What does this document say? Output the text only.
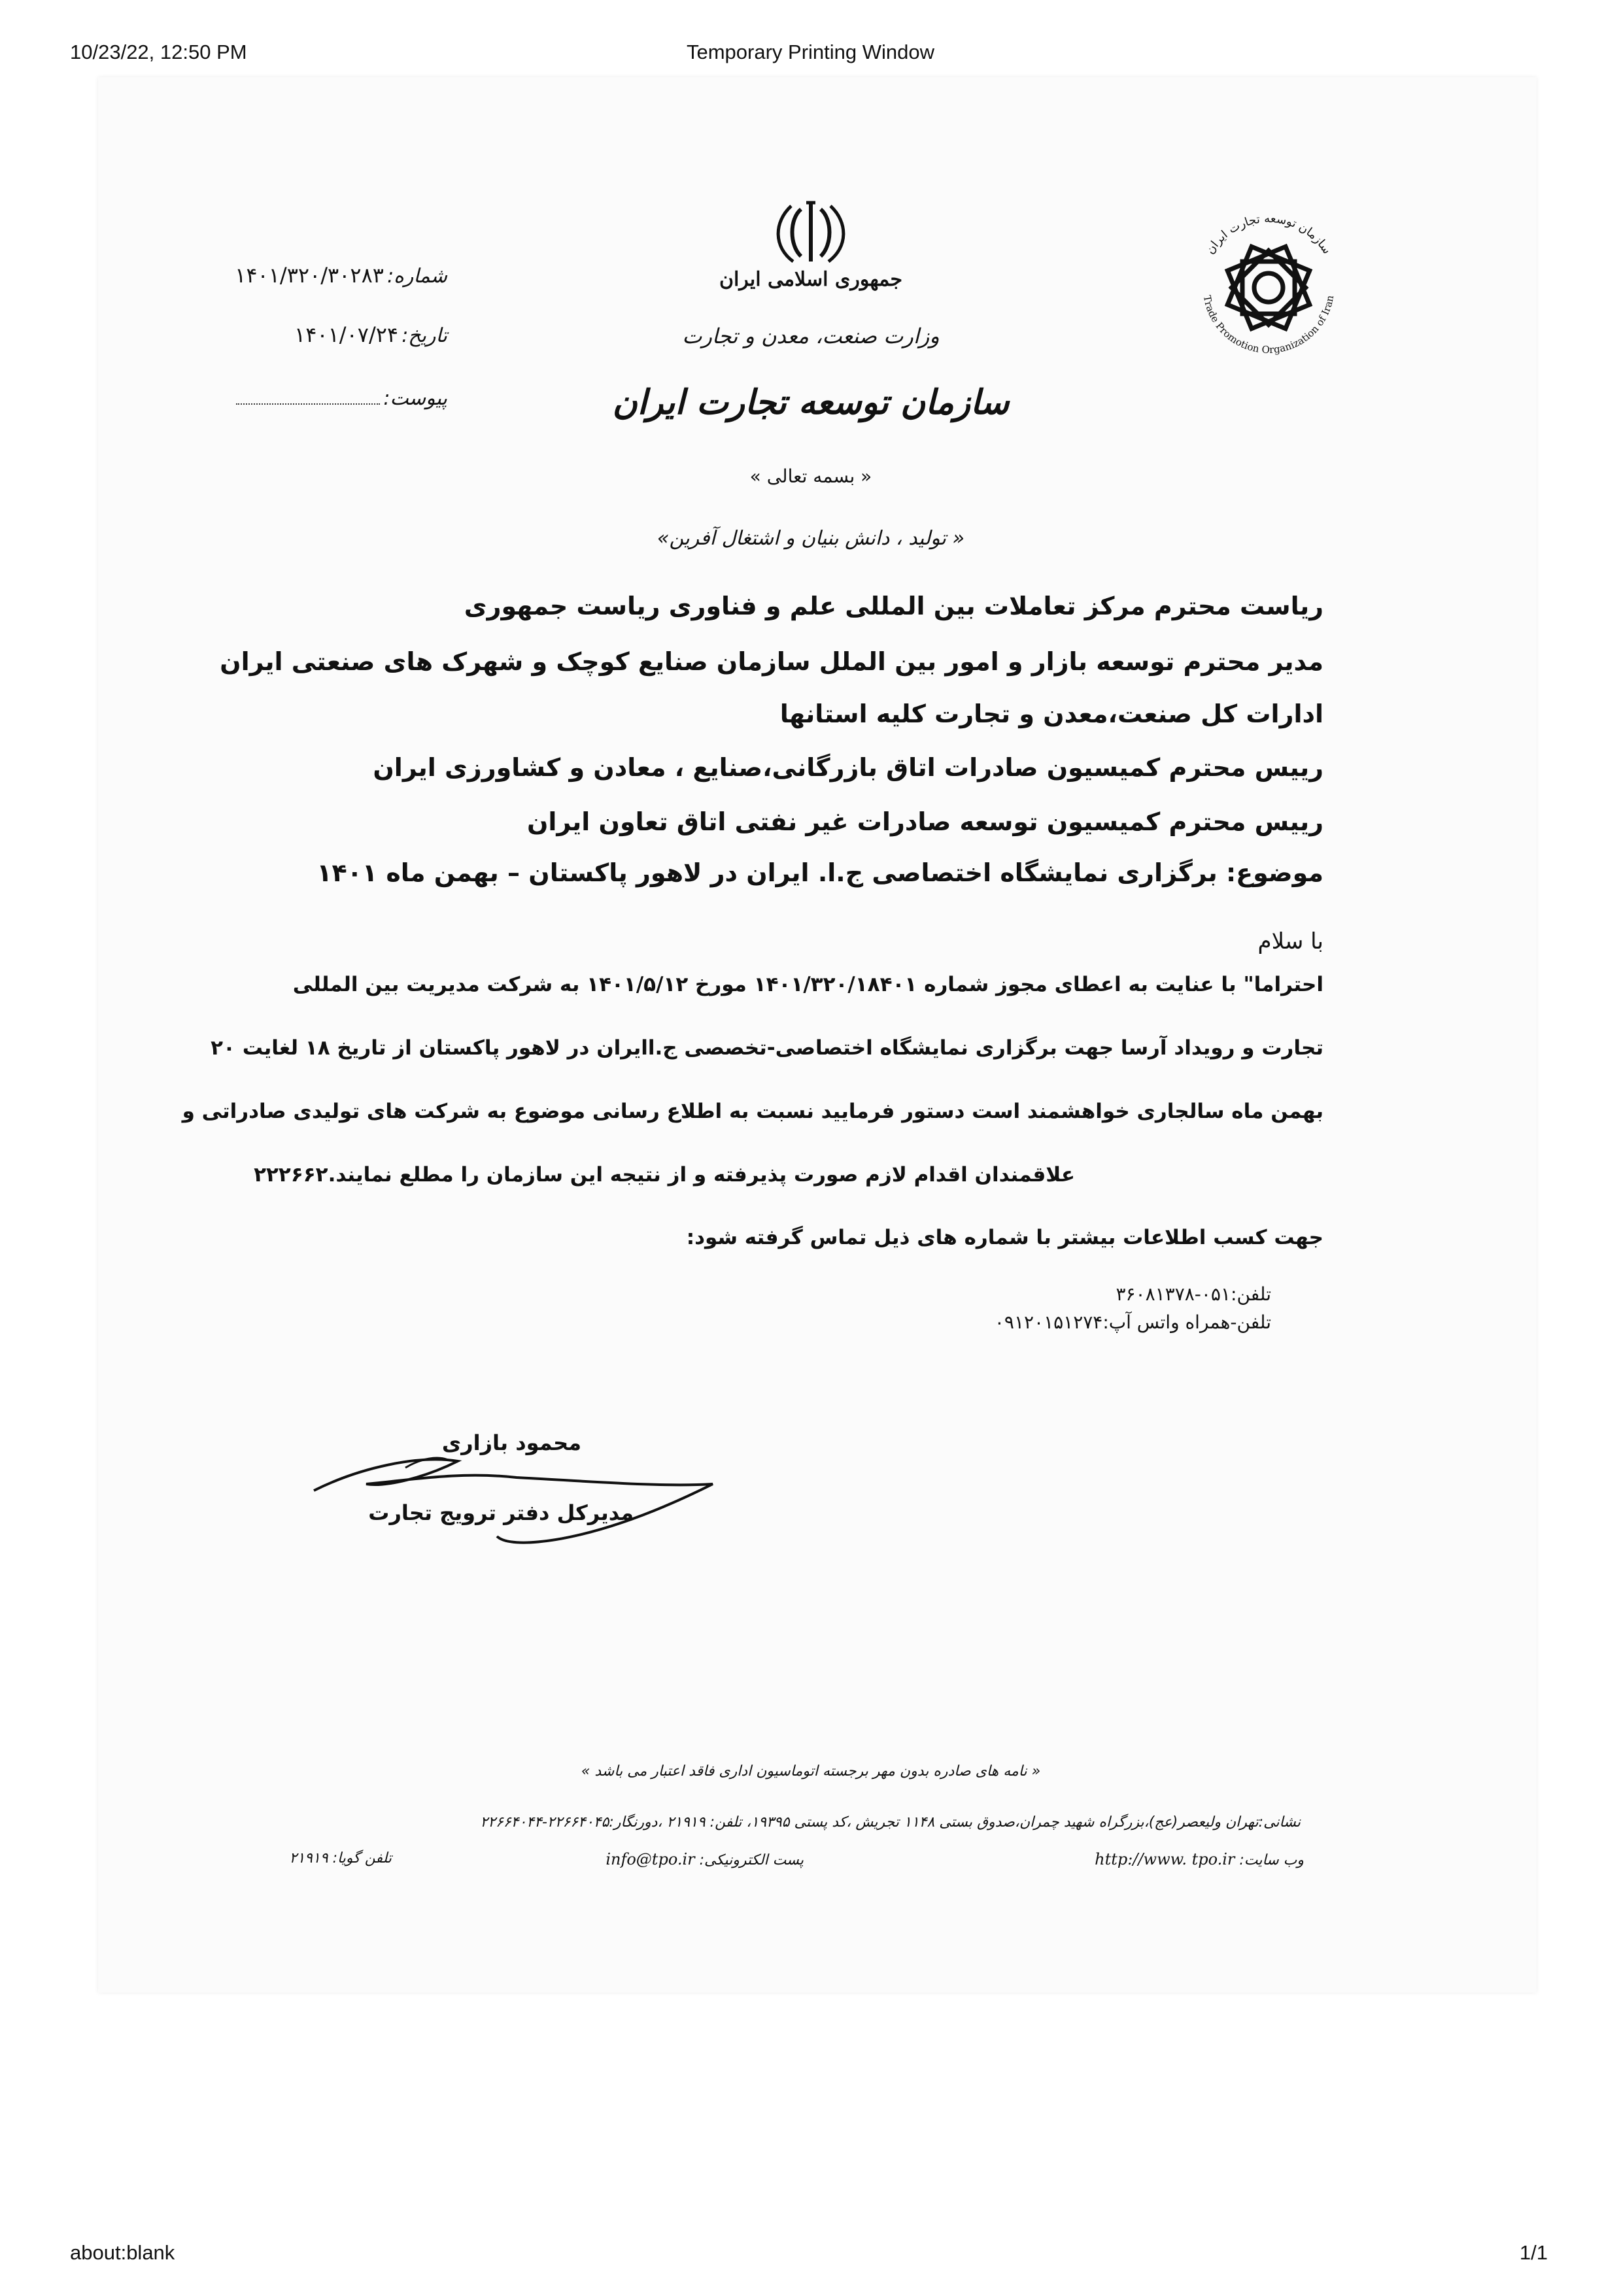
10/23/22, 12:50 PM	Temporary Printing Window
about:blank	1/1
جمهوری اسلامی ایران
وزارت صنعت، معدن و تجارت
سازمان توسعه تجارت ایران
سازمان توسعه تجارت ایران
Trade Promotion Organization of Iran
شماره: ۱۴۰۱/۳۲۰/۳۰۲۸۳
تاریخ: ۱۴۰۱/۰۷/۲۴
پیوست:
« بسمه تعالی »
« تولید ، دانش بنیان و اشتغال آفرین»
ریاست محترم مرکز تعاملات بین المللی علم و فناوری ریاست جمهوری
مدیر محترم توسعه بازار و امور بین الملل سازمان صنایع کوچک و شهرک های صنعتی ایران
ادارات کل صنعت،معدن و تجارت کلیه استانها
رییس محترم کمیسیون صادرات اتاق بازرگانی،صنایع ، معادن و کشاورزی ایران
رییس محترم کمیسیون توسعه صادرات غیر نفتی اتاق تعاون ایران
موضوع: برگزاری نمایشگاه اختصاصی ج.ا. ایران در لاهور پاکستان – بهمن ماه ۱۴۰۱
با سلام
احتراما" با عنایت به اعطای مجوز شماره ۱۴۰۱/۳۲۰/۱۸۴۰۱ مورخ ۱۴۰۱/۵/۱۲ به شرکت مدیریت بین المللی
تجارت و رویداد آرسا جهت برگزاری نمایشگاه اختصاصی-تخصصی ج.اایران در لاهور پاکستان از تاریخ ۱۸ لغایت ۲۰
بهمن ماه سالجاری خواهشمند است دستور فرمایید نسبت به اطلاع رسانی موضوع به شرکت های تولیدی صادراتی و
علاقمندان اقدام لازم صورت پذیرفته و از نتیجه این سازمان را مطلع نمایند.۲۲۲۶۶۲
جهت کسب اطلاعات بیشتر با شماره های ذیل تماس گرفته شود:
تلفن:۰۵۱-۳۶۰۸۱۳۷۸
تلفن-همراه واتس آپ:۰۹۱۲۰۱۵۱۲۷۴
محمود بازاری
مدیرکل دفتر ترویج تجارت
« نامه های صادره بدون مهر برجسته اتوماسیون اداری فاقد اعتبار می باشد »
نشانی:تهران ولیعصر(عج)،بزرگراه شهید چمران،صدوق بستی ۱۱۴۸ تجریش ،کد پستی ۱۹۳۹۵، تلفن: ۲۱۹۱۹ ،دورنگار:۲۲۶۶۴۰۴۵-۲۲۶۶۴۰۴۴
وب سایت: http://www. tpo.ir
پست الکترونیکی: info@tpo.ir
تلفن گویا: ۲۱۹۱۹
